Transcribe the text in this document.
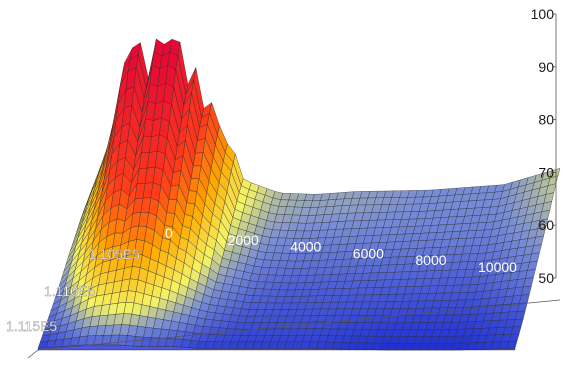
50
60
70
80
90
100
0	2000 4000 6000 8000 10000
1.105E5
1.110E5
1.115E5
